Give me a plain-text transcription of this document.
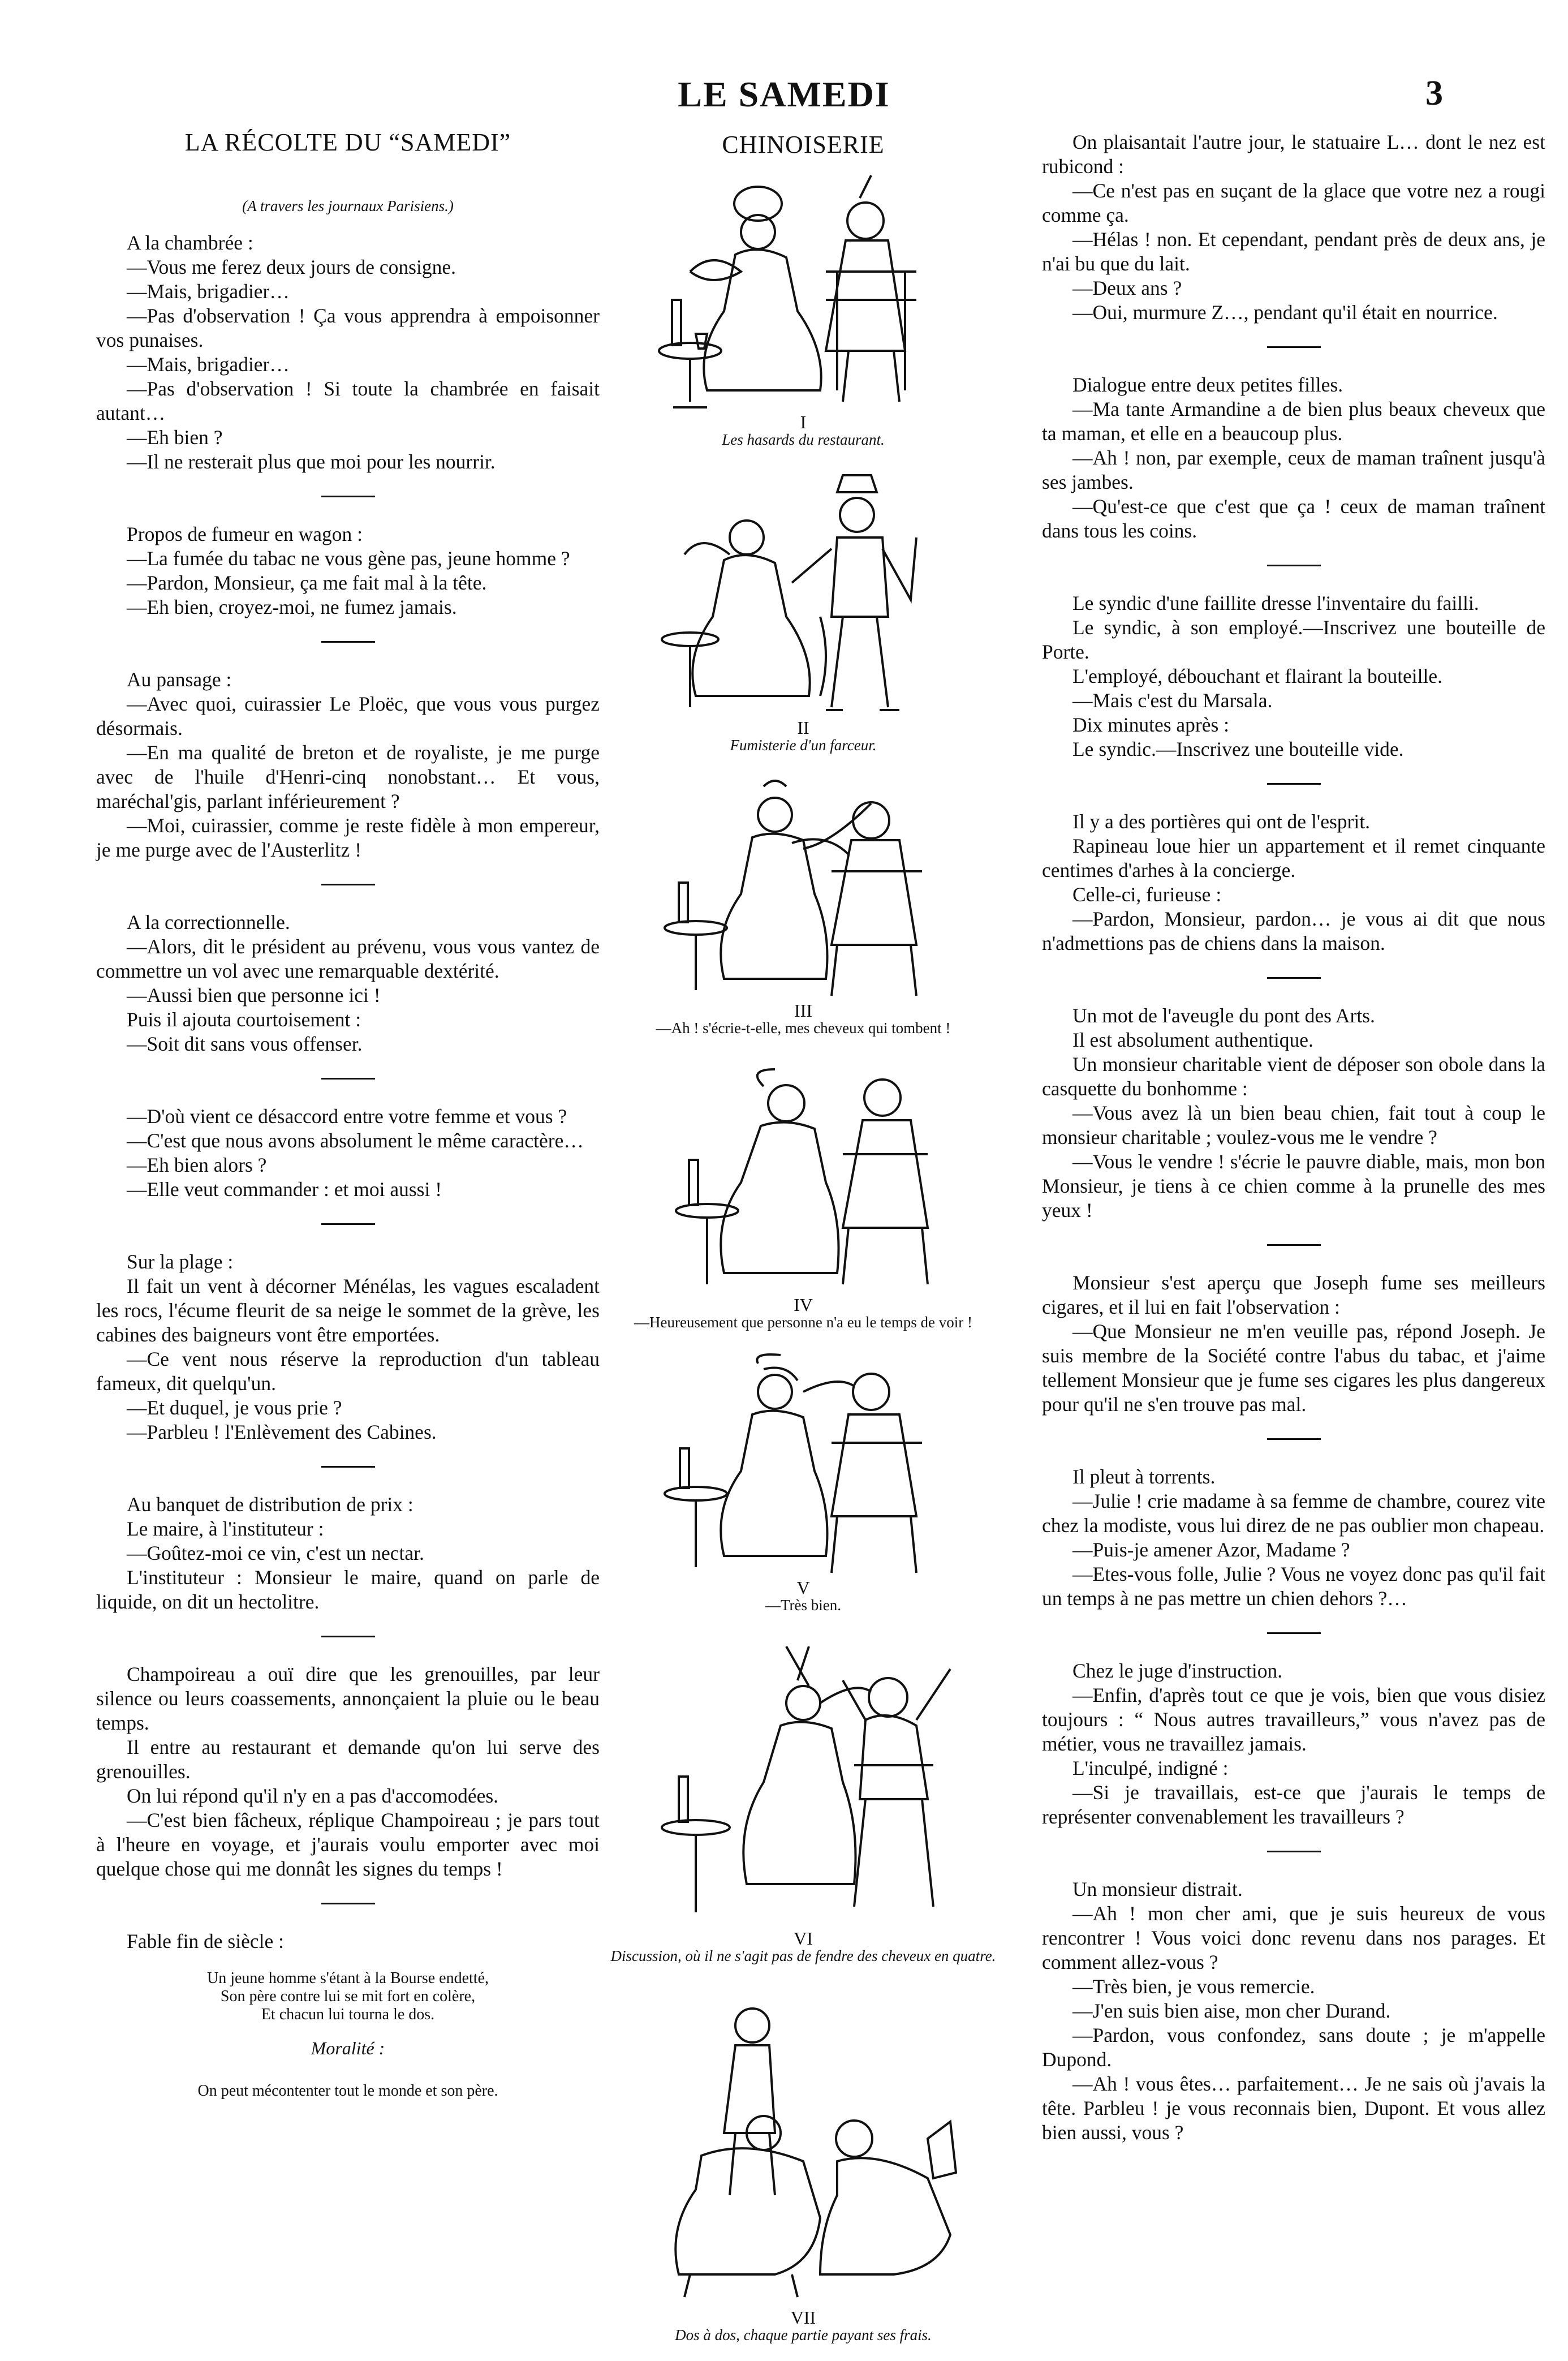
LE SAMEDI	3
LA RÉCOLTE DU “SAMEDI”
(A travers les journaux Parisiens.)

A la chambrée :

—Vous me ferez deux jours de consigne.

—Mais, brigadier…

—Pas d'observation ! Ça vous apprendra à empoisonner vos punaises.

—Mais, brigadier…

—Pas d'observation ! Si toute la chambrée en faisait autant…

—Eh bien ?

—Il ne resterait plus que moi pour les nourrir.

Propos de fumeur en wagon :

—La fumée du tabac ne vous gène pas, jeune homme ?

—Pardon, Monsieur, ça me fait mal à la tête.

—Eh bien, croyez-moi, ne fumez jamais.

Au pansage :

—Avec quoi, cuirassier Le Ploëc, que vous vous purgez désormais.

—En ma qualité de breton et de royaliste, je me purge avec de l'huile d'Henri-cinq nonobstant… Et vous, maréchal'gis, parlant inférieurement ?

—Moi, cuirassier, comme je reste fidèle à mon empereur, je me purge avec de l'Austerlitz !

A la correctionnelle.

—Alors, dit le président au prévenu, vous vous vantez de commettre un vol avec une remarquable dextérité.

—Aussi bien que personne ici !

Puis il ajouta courtoisement :

—Soit dit sans vous offenser.

—D'où vient ce désaccord entre votre femme et vous ?

—C'est que nous avons absolument le même caractère…

—Eh bien alors ?

—Elle veut commander : et moi aussi !

Sur la plage :

Il fait un vent à décorner Ménélas, les vagues escaladent les rocs, l'écume fleurit de sa neige le sommet de la grève, les cabines des baigneurs vont être emportées.

—Ce vent nous réserve la reproduction d'un tableau fameux, dit quelqu'un.

—Et duquel, je vous prie ?

—Parbleu ! l'Enlèvement des Cabines.

Au banquet de distribution de prix :

Le maire, à l'instituteur :

—Goûtez-moi ce vin, c'est un nectar.

L'instituteur : Monsieur le maire, quand on parle de liquide, on dit un hectolitre.

Champoireau a ouï dire que les grenouilles, par leur silence ou leurs coassements, annonçaient la pluie ou le beau temps.

Il entre au restaurant et demande qu'on lui serve des grenouilles.

On lui répond qu'il n'y en a pas d'accomodées.

—C'est bien fâcheux, réplique Champoireau ; je pars tout à l'heure en voyage, et j'aurais voulu emporter avec moi quelque chose qui me donnât les signes du temps !

Fable fin de siècle :
Un jeune homme s'étant à la Bourse endetté,
Son père contre lui se mit fort en colère,
Et chacun lui tourna le dos.
Moralité :
On peut mécontenter tout le monde et son père.
CHINOISERIE
I
Les hasards du restaurant.
II
Fumisterie d'un farceur.
III
—Ah ! s'écrie-t-elle, mes cheveux qui tombent !
IV
—Heureusement que personne n'a eu le temps de voir !
V
—Très bien.
VI
Discussion, où il ne s'agit pas de fendre des cheveux en quatre.
VII
Dos à dos, chaque partie payant ses frais.

On plaisantait l'autre jour, le statuaire L… dont le nez est rubicond :

—Ce n'est pas en suçant de la glace que votre nez a rougi comme ça.

—Hélas ! non. Et cependant, pendant près de deux ans, je n'ai bu que du lait.

—Deux ans ?

—Oui, murmure Z…, pendant qu'il était en nourrice.

Dialogue entre deux petites filles.

—Ma tante Armandine a de bien plus beaux cheveux que ta maman, et elle en a beaucoup plus.

—Ah ! non, par exemple, ceux de maman traînent jusqu'à ses jambes.

—Qu'est-ce que c'est que ça ! ceux de maman traînent dans tous les coins.

Le syndic d'une faillite dresse l'inventaire du failli.

Le syndic, à son employé.—Inscrivez une bouteille de Porte.

L'employé, débouchant et flairant la bouteille.

—Mais c'est du Marsala.

Dix minutes après :

Le syndic.—Inscrivez une bouteille vide.

Il y a des portières qui ont de l'esprit.

Rapineau loue hier un appartement et il remet cinquante centimes d'arhes à la concierge.

Celle-ci, furieuse :

—Pardon, Monsieur, pardon… je vous ai dit que nous n'admettions pas de chiens dans la maison.

Un mot de l'aveugle du pont des Arts.

Il est absolument authentique.

Un monsieur charitable vient de déposer son obole dans la casquette du bonhomme :

—Vous avez là un bien beau chien, fait tout à coup le monsieur charitable ; voulez-vous me le vendre ?

—Vous le vendre ! s'écrie le pauvre diable, mais, mon bon Monsieur, je tiens à ce chien comme à la prunelle des mes yeux !

Monsieur s'est aperçu que Joseph fume ses meilleurs cigares, et il lui en fait l'observation :

—Que Monsieur ne m'en veuille pas, répond Joseph. Je suis membre de la Société contre l'abus du tabac, et j'aime tellement Monsieur que je fume ses cigares les plus dangereux pour qu'il ne s'en trouve pas mal.

Il pleut à torrents.

—Julie ! crie madame à sa femme de chambre, courez vite chez la modiste, vous lui direz de ne pas oublier mon chapeau.

—Puis-je amener Azor, Madame ?

—Etes-vous folle, Julie ? Vous ne voyez donc pas qu'il fait un temps à ne pas mettre un chien dehors ?…

Chez le juge d'instruction.

—Enfin, d'après tout ce que je vois, bien que vous disiez toujours : “ Nous autres travailleurs,” vous n'avez pas de métier, vous ne travaillez jamais.

L'inculpé, indigné :

—Si je travaillais, est-ce que j'aurais le temps de représenter convenablement les travailleurs ?

Un monsieur distrait.

—Ah ! mon cher ami, que je suis heureux de vous rencontrer ! Vous voici donc revenu dans nos parages. Et comment allez-vous ?

—Très bien, je vous remercie.

—J'en suis bien aise, mon cher Durand.

—Pardon, vous confondez, sans doute ; je m'appelle Dupond.

—Ah ! vous êtes… parfaitement… Je ne sais où j'avais la tête. Parbleu ! je vous reconnais bien, Dupont. Et vous allez bien aussi, vous ?
